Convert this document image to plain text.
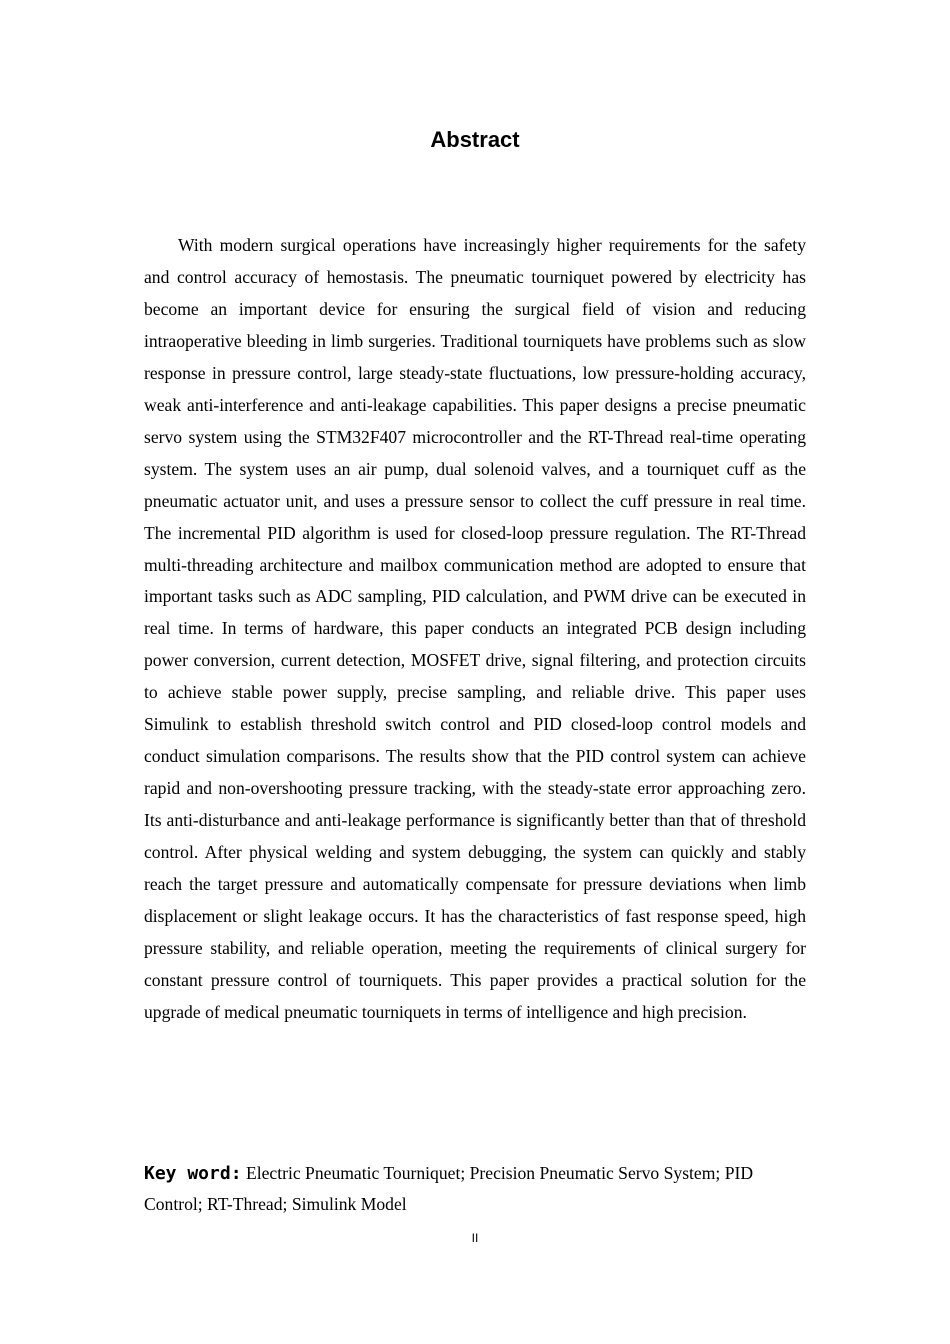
Abstract

With modern surgical operations have increasingly higher requirements for the safety and control accuracy of hemostasis. The pneumatic tourniquet powered by electricity has become an important device for ensuring the surgical field of vision and reducing intraoperative bleeding in limb surgeries. Traditional tourniquets have problems such as slow response in pressure control, large steady-state fluctuations, low pressure-holding accuracy, weak anti-interference and anti-leakage capabilities. This paper designs a precise pneumatic servo system using the STM32F407 microcontroller and the RT-Thread real-time operating system. The system uses an air pump, dual solenoid valves, and a tourniquet cuff as the pneumatic actuator unit, and uses a pressure sensor to collect the cuff pressure in real time. The incremental PID algorithm is used for closed-loop pressure regulation. The RT-Thread multi-threading architecture and mailbox communication method are adopted to ensure that important tasks such as ADC sampling, PID calculation, and PWM drive can be executed in real time. In terms of hardware, this paper conducts an integrated PCB design including power conversion, current detection, MOSFET drive, signal filtering, and protection circuits to achieve stable power supply, precise sampling, and reliable drive. This paper uses Simulink to establish threshold switch control and PID closed-loop control models and conduct simulation comparisons. The results show that the PID control system can achieve rapid and non-overshooting pressure tracking, with the steady-state error approaching zero. Its anti-disturbance and anti-leakage performance is significantly better than that of threshold control. After physical welding and system debugging, the system can quickly and stably reach the target pressure and automatically compensate for pressure deviations when limb displacement or slight leakage occurs. It has the characteristics of fast response speed, high pressure stability, and reliable operation, meeting the requirements of clinical surgery for constant pressure control of tourniquets. This paper provides a practical solution for the upgrade of medical pneumatic tourniquets in terms of intelligence and high precision.

Key word: Electric Pneumatic Tourniquet; Precision Pneumatic Servo System; PID Control; RT-Thread; Simulink Model

II
